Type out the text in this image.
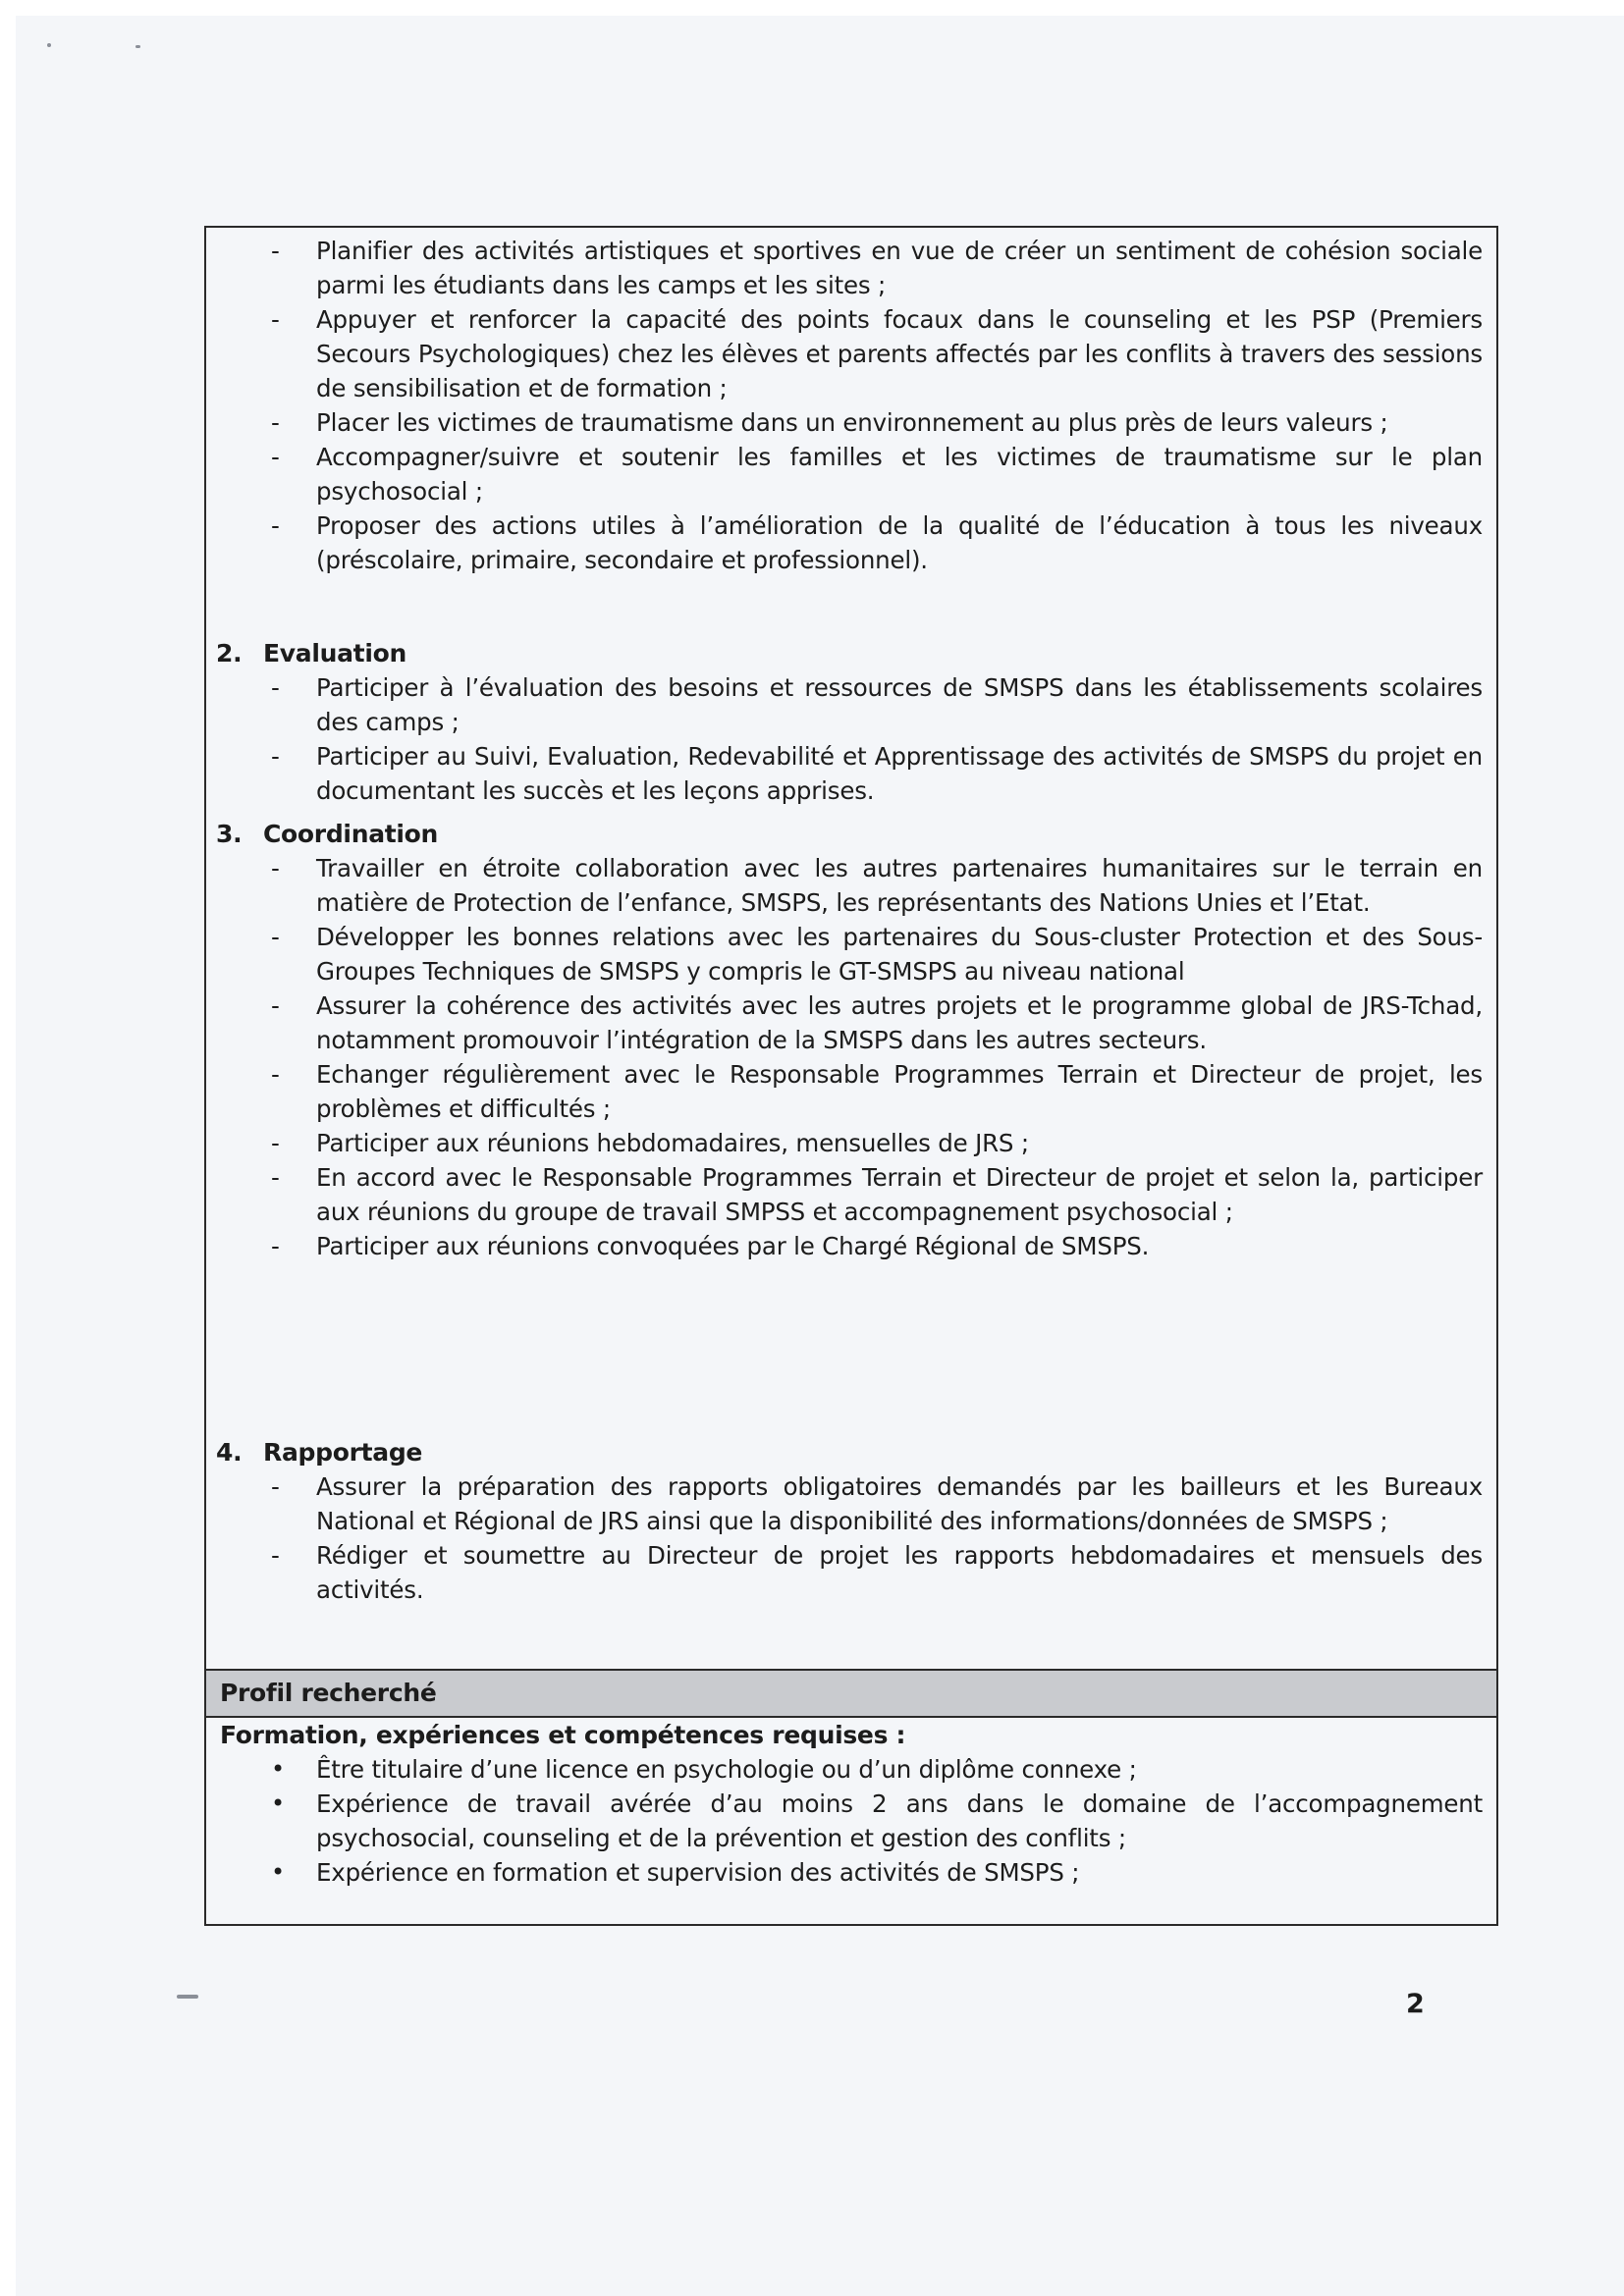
- Planifier des activités artistiques et sportives en vue de créer un sentiment de cohésion sociale parmi les étudiants dans les camps et les sites ;
- Appuyer et renforcer la capacité des points focaux dans le counseling et les PSP (Premiers Secours Psychologiques) chez les élèves et parents affectés par les conflits à travers des sessions de sensibilisation et de formation ;
- Placer les victimes de traumatisme dans un environnement au plus près de leurs valeurs ;
- Accompagner/suivre et soutenir les familles et les victimes de traumatisme sur le plan psychosocial ;
- Proposer des actions utiles à l’amélioration de la qualité de l’éducation à tous les niveaux (préscolaire, primaire, secondaire et professionnel).
2. Evaluation
- Participer à l’évaluation des besoins et ressources de SMSPS dans les établissements scolaires des camps ;
- Participer au Suivi, Evaluation, Redevabilité et Apprentissage des activités de SMSPS du projet en documentant les succès et les leçons apprises.
3. Coordination
- Travailler en étroite collaboration avec les autres partenaires humanitaires sur le terrain en matière de Protection de l’enfance, SMSPS, les représentants des Nations Unies et l’Etat.
- Développer les bonnes relations avec les partenaires du Sous-cluster Protection et des Sous-Groupes Techniques de SMSPS y compris le GT-SMSPS au niveau national
- Assurer la cohérence des activités avec les autres projets et le programme global de JRS-Tchad, notamment promouvoir l’intégration de la SMSPS dans les autres secteurs.
- Echanger régulièrement avec le Responsable Programmes Terrain et Directeur de projet, les problèmes et difficultés ;
- Participer aux réunions hebdomadaires, mensuelles de JRS ;
- En accord avec le Responsable Programmes Terrain et Directeur de projet et selon la, participer aux réunions du groupe de travail SMPSS et accompagnement psychosocial ;
- Participer aux réunions convoquées par le Chargé Régional de SMSPS.
4. Rapportage
- Assurer la préparation des rapports obligatoires demandés par les bailleurs et les Bureaux National et Régional de JRS ainsi que la disponibilité des informations/données de SMSPS ;
- Rédiger et soumettre au Directeur de projet les rapports hebdomadaires et mensuels des activités.
Profil recherché
Formation, expériences et compétences requises :
• Être titulaire d’une licence en psychologie ou d’un diplôme connexe ;
• Expérience de travail avérée d’au moins 2 ans dans le domaine de l’accompagnement psychosocial, counseling et de la prévention et gestion des conflits ;
• Expérience en formation et supervision des activités de SMSPS ;
2
